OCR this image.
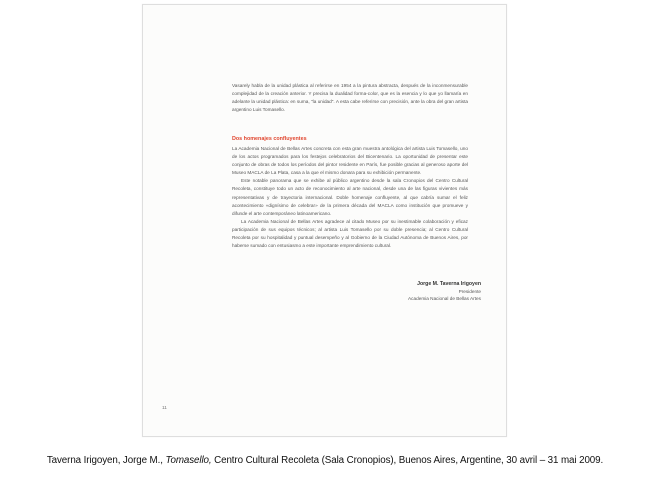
Vasarely habla de la unidad plástica al referirse en 1954 a la pintura abstracta, después de la inconmensurable complejidad de la creación anterior. Y precisa la dualidad forma-color, que es la esencia y lo que yo llamaría en adelante la unidad plástica: en suma, "la unidad". A esta cabe referirse con precisión, ante la obra del gran artista argentino Luis Tomasello.

Dos homenajes confluyentes

La Academia Nacional de Bellas Artes concreta con esta gran muestra antológica del artista Luis Tomasello, uno de los actos programados para los festejos celebratorios del Bicentenario. La oportunidad de presentar este conjunto de obras de todos los períodos del pintor residente en París, fue posible gracias al generoso aporte del Museo MACLA de La Plata, casa a la que el mismo donara para su exhibición permanente.

Este notable panorama que se exhibe al público argentino desde la sala Cronopios del Centro Cultural Recoleta, constituye todo un acto de reconocimiento al arte nacional, desde una de las figuras vivientes más representativas y de trayectoria internacional. Doble homenaje confluyente, al que cabría sumar el feliz acontecimiento «dignísimo de celebrar» de la primera década del MACLA como institución que promueve y difunde el arte contemporáneo latinoamericano.

La Academia Nacional de Bellas Artes agradece al citado Museo por su inestimable colaboración y eficaz participación de sus equipos técnicos; al artista Luis Tomasello por su doble presencia; al Centro Cultural Recoleta por su hospitalidad y puntual desempeño y al Gobierno de la Ciudad Autónoma de Buenos Aires, por haberse sumado con entusiasmo a este importante emprendimiento cultural.

Jorge M. Taverna Irigoyen
Presidente
Academia Nacional de Bellas Artes
11
Taverna Irigoyen, Jorge M., Tomasello, Centro Cultural Recoleta (Sala Cronopios), Buenos Aires, Argentine, 30 avril – 31 mai 2009.
